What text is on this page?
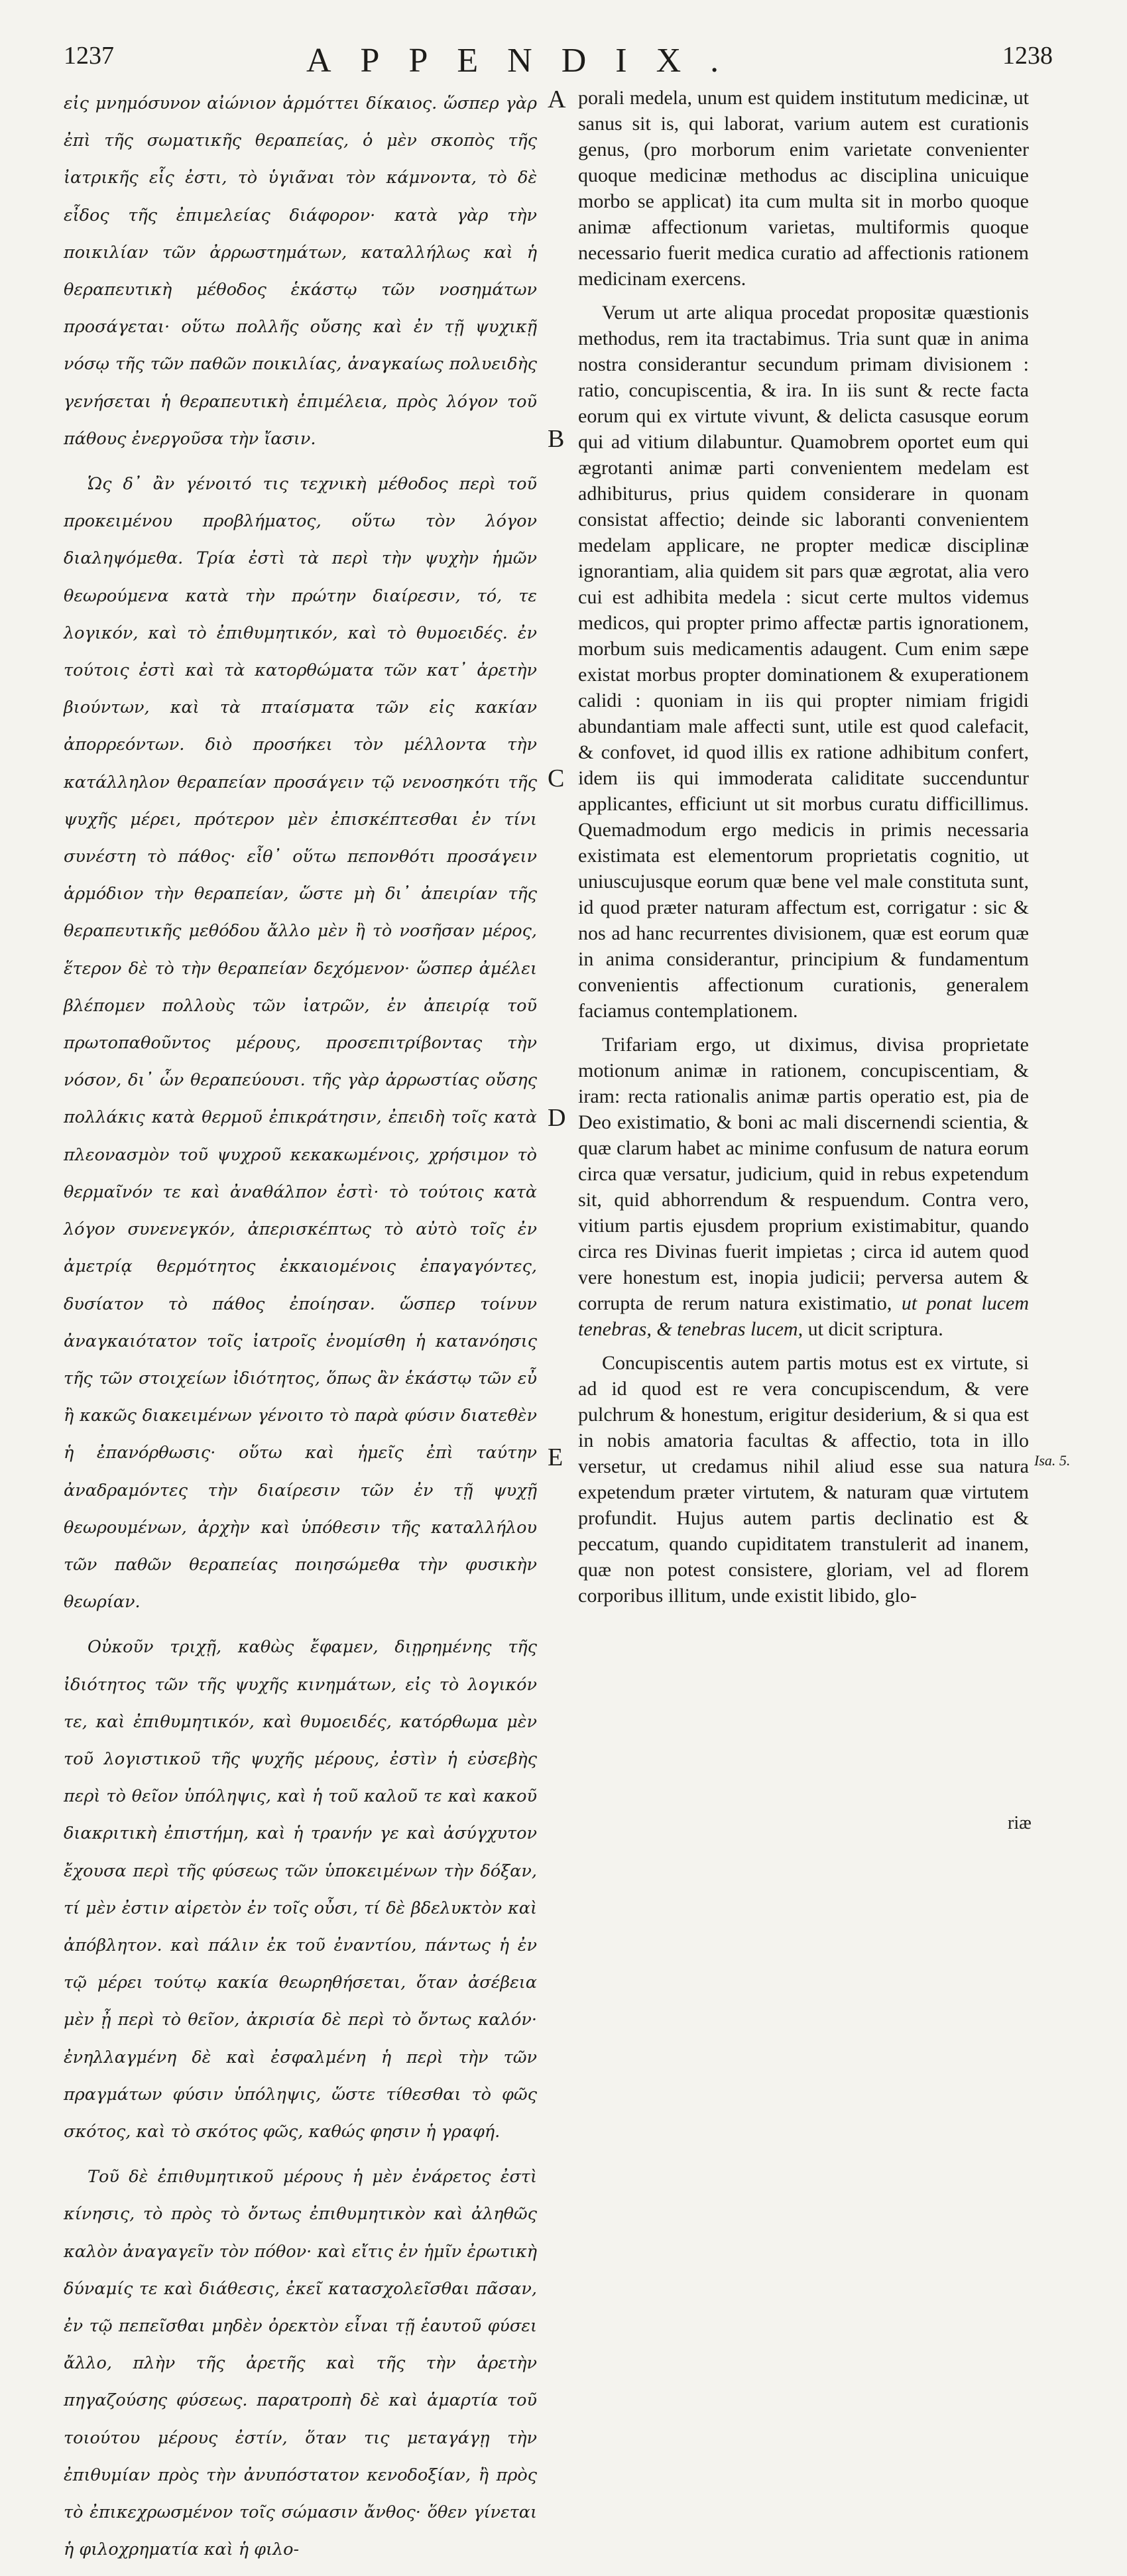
1237	APPENDIX.	1238

εἰς μνημόσυνον αἰώνιον ἁρμόττει δίκαιος. ὥσπερ γὰρ ἐπὶ τῆς σωματικῆς θεραπείας, ὁ μὲν σκοπὸς τῆς ἰατρικῆς εἷς ἐστι, τὸ ὑγιᾶναι τὸν κάμνοντα, τὸ δὲ εἶδος τῆς ἐπιμελείας διάφορον· κατὰ γὰρ τὴν ποικιλίαν τῶν ἀρρωστημάτων, καταλλήλως καὶ ἡ θεραπευτικὴ μέθοδος ἑκάστῳ τῶν νοσημάτων προσάγεται· οὕτω πολλῆς οὔσης καὶ ἐν τῇ ψυχικῇ νόσῳ τῆς τῶν παθῶν ποικιλίας, ἀναγκαίως πολυειδὴς γενήσεται ἡ θεραπευτικὴ ἐπιμέλεια, πρὸς λόγον τοῦ πάθους ἐνεργοῦσα τὴν ἴασιν.

Ὡς δ᾽ ἂν γένοιτό τις τεχνικὴ μέθοδος περὶ τοῦ προκειμένου προβλήματος, οὕτω τὸν λόγον διαληψόμεθα. Τρία ἐστὶ τὰ περὶ τὴν ψυχὴν ἡμῶν θεωρούμενα κατὰ τὴν πρώτην διαίρεσιν, τό, τε λογικόν, καὶ τὸ ἐπιθυμητικόν, καὶ τὸ θυμοειδές. ἐν τούτοις ἐστὶ καὶ τὰ κατορθώματα τῶν κατ᾽ ἀρετὴν βιούντων, καὶ τὰ πταίσματα τῶν εἰς κακίαν ἀπορρεόντων. διὸ προσήκει τὸν μέλλοντα τὴν κατάλληλον θεραπείαν προσάγειν τῷ νενοσηκότι τῆς ψυχῆς μέρει, πρότερον μὲν ἐπισκέπτεσθαι ἐν τίνι συνέστη τὸ πάθος· εἶθ᾽ οὕτω πεπονθότι προσάγειν ἁρμόδιον τὴν θεραπείαν, ὥστε μὴ δι᾽ ἀπειρίαν τῆς θεραπευτικῆς μεθόδου ἄλλο μὲν ἢ τὸ νοσῆσαν μέρος, ἕτερον δὲ τὸ τὴν θεραπείαν δεχόμενον· ὥσπερ ἀμέλει βλέπομεν πολλοὺς τῶν ἰατρῶν, ἐν ἀπειρίᾳ τοῦ πρωτοπαθοῦντος μέρους, προσεπιτρίβοντας τὴν νόσον, δι᾽ ὧν θεραπεύουσι. τῆς γὰρ ἀρρωστίας οὔσης πολλάκις κατὰ θερμοῦ ἐπικράτησιν, ἐπειδὴ τοῖς κατὰ πλεονασμὸν τοῦ ψυχροῦ κεκακωμένοις, χρήσιμον τὸ θερμαῖνόν τε καὶ ἀναθάλπον ἐστὶ· τὸ τούτοις κατὰ λόγον συνενεγκόν, ἀπερισκέπτως τὸ αὐτὸ τοῖς ἐν ἀμετρίᾳ θερμότητος ἐκκαιομένοις ἐπαγαγόντες, δυσίατον τὸ πάθος ἐποίησαν. ὥσπερ τοίνυν ἀναγκαιότατον τοῖς ἰατροῖς ἐνομίσθη ἡ κατανόησις τῆς τῶν στοιχείων ἰδιότητος, ὅπως ἂν ἑκάστῳ τῶν εὖ ἢ κακῶς διακειμένων γένοιτο τὸ παρὰ φύσιν διατεθὲν ἡ ἐπανόρθωσις· οὕτω καὶ ἡμεῖς ἐπὶ ταύτην ἀναδραμόντες τὴν διαίρεσιν τῶν ἐν τῇ ψυχῇ θεωρουμένων, ἀρχὴν καὶ ὑπόθεσιν τῆς καταλλήλου τῶν παθῶν θεραπείας ποιησώμεθα τὴν φυσικὴν θεωρίαν.

Οὐκοῦν τριχῇ, καθὼς ἔφαμεν, διῃρημένης τῆς ἰδιότητος τῶν τῆς ψυχῆς κινημάτων, εἰς τὸ λογικόν τε, καὶ ἐπιθυμητικόν, καὶ θυμοειδές, κατόρθωμα μὲν τοῦ λογιστικοῦ τῆς ψυχῆς μέρους, ἐστὶν ἡ εὐσεβὴς περὶ τὸ θεῖον ὑπόληψις, καὶ ἡ τοῦ καλοῦ τε καὶ κακοῦ διακριτικὴ ἐπιστήμη, καὶ ἡ τρανήν γε καὶ ἀσύγχυτον ἔχουσα περὶ τῆς φύσεως τῶν ὑποκειμένων τὴν δόξαν, τί μὲν ἐστιν αἱρετὸν ἐν τοῖς οὖσι, τί δὲ βδελυκτὸν καὶ ἀπόβλητον. καὶ πάλιν ἐκ τοῦ ἐναντίου, πάντως ἡ ἐν τῷ μέρει τούτῳ κακία θεωρηθήσεται, ὅταν ἀσέβεια μὲν ᾖ περὶ τὸ θεῖον, ἀκρισία δὲ περὶ τὸ ὄντως καλόν· ἐνηλλαγμένη δὲ καὶ ἐσφαλμένη ἡ περὶ τὴν τῶν πραγμάτων φύσιν ὑπόληψις, ὥστε τίθεσθαι τὸ φῶς σκότος, καὶ τὸ σκότος φῶς, καθώς φησιν ἡ γραφή.

Τοῦ δὲ ἐπιθυμητικοῦ μέρους ἡ μὲν ἐνάρετος ἐστὶ κίνησις, τὸ πρὸς τὸ ὄντως ἐπιθυμητικὸν καὶ ἀληθῶς καλὸν ἀναγαγεῖν τὸν πόθον· καὶ εἴτις ἐν ἡμῖν ἐρωτικὴ δύναμίς τε καὶ διάθεσις, ἐκεῖ κατασχολεῖσθαι πᾶσαν, ἐν τῷ πεπεῖσθαι μηδὲν ὀρεκτὸν εἶναι τῇ ἑαυτοῦ φύσει ἄλλο, πλὴν τῆς ἀρετῆς καὶ τῆς τὴν ἀρετὴν πηγαζούσης φύσεως. παρατροπὴ δὲ καὶ ἁμαρτία τοῦ τοιούτου μέρους ἐστίν, ὅταν τις μεταγάγῃ τὴν ἐπιθυμίαν πρὸς τὴν ἀνυπόστατον κενοδοξίαν, ἢ πρὸς τὸ ἐπικεχρωσμένον τοῖς σώμασιν ἄνθος· ὅθεν γίνεται ἡ φιλοχρηματία καὶ ἡ φιλο-

A
B
C
D
E

porali medela, unum est quidem institutum medicinæ, ut sanus sit is, qui laborat, varium autem est curationis genus, (pro morborum enim varietate convenienter quoque medicinæ methodus ac disciplina unicuique morbo se applicat) ita cum multa sit in morbo quoque animæ affectionum varietas, multiformis quoque necessario fuerit medica curatio ad affectionis rationem medicinam exercens.

Verum ut arte aliqua procedat propositæ quæstionis methodus, rem ita tractabimus. Tria sunt quæ in anima nostra considerantur secundum primam divisionem : ratio, concupiscentia, & ira. In iis sunt & recte facta eorum qui ex virtute vivunt, & delicta casusque eorum qui ad vitium dilabuntur. Quamobrem oportet eum qui ægrotanti animæ parti convenientem medelam est adhibiturus, prius quidem considerare in quonam consistat affectio; deinde sic laboranti convenientem medelam applicare, ne propter medicæ disciplinæ ignorantiam, alia quidem sit pars quæ ægrotat, alia vero cui est adhibita medela : sicut certe multos videmus medicos, qui propter primo affectæ partis ignorationem, morbum suis medicamentis adaugent. Cum enim sæpe existat morbus propter dominationem & exuperationem calidi : quoniam in iis qui propter nimiam frigidi abundantiam male affecti sunt, utile est quod calefacit, & confovet, id quod illis ex ratione adhibitum confert, idem iis qui immoderata caliditate succenduntur applicantes, efficiunt ut sit morbus curatu difficillimus. Quemadmodum ergo medicis in primis necessaria existimata est elementorum proprietatis cognitio, ut uniuscujusque eorum quæ bene vel male constituta sunt, id quod præter naturam affectum est, corrigatur : sic & nos ad hanc recurrentes divisionem, quæ est eorum quæ in anima considerantur, principium & fundamentum convenientis affectionum curationis, generalem faciamus contemplationem.

Trifariam ergo, ut diximus, divisa proprietate motionum animæ in rationem, concupiscentiam, & iram: recta rationalis animæ partis operatio est, pia de Deo existimatio, & boni ac mali discernendi scientia, & quæ clarum habet ac minime confusum de natura eorum circa quæ versatur, judicium, quid in rebus expetendum sit, quid abhorrendum & respuendum. Contra vero, vitium partis ejusdem proprium existimabitur, quando circa res Divinas fuerit impietas ; circa id autem quod vere honestum est, inopia judicii; perversa autem & corrupta de rerum natura existimatio, ut ponat lucem tenebras, & tenebras lucem, ut dicit scriptura.

Concupiscentis autem partis motus est ex virtute, si ad id quod est re vera concupiscendum, & vere pulchrum & honestum, erigitur desiderium, & si qua est in nobis amatoria facultas & affectio, tota in illo versetur, ut credamus nihil aliud esse sua natura expetendum præter virtutem, & naturam quæ virtutem profundit. Hujus autem partis declinatio est & peccatum, quando cupiditatem transtulerit ad inanem, quæ non potest consistere, gloriam, vel ad florem corporibus illitum, unde existit libido, glo-

Isa. 5.
riæ
